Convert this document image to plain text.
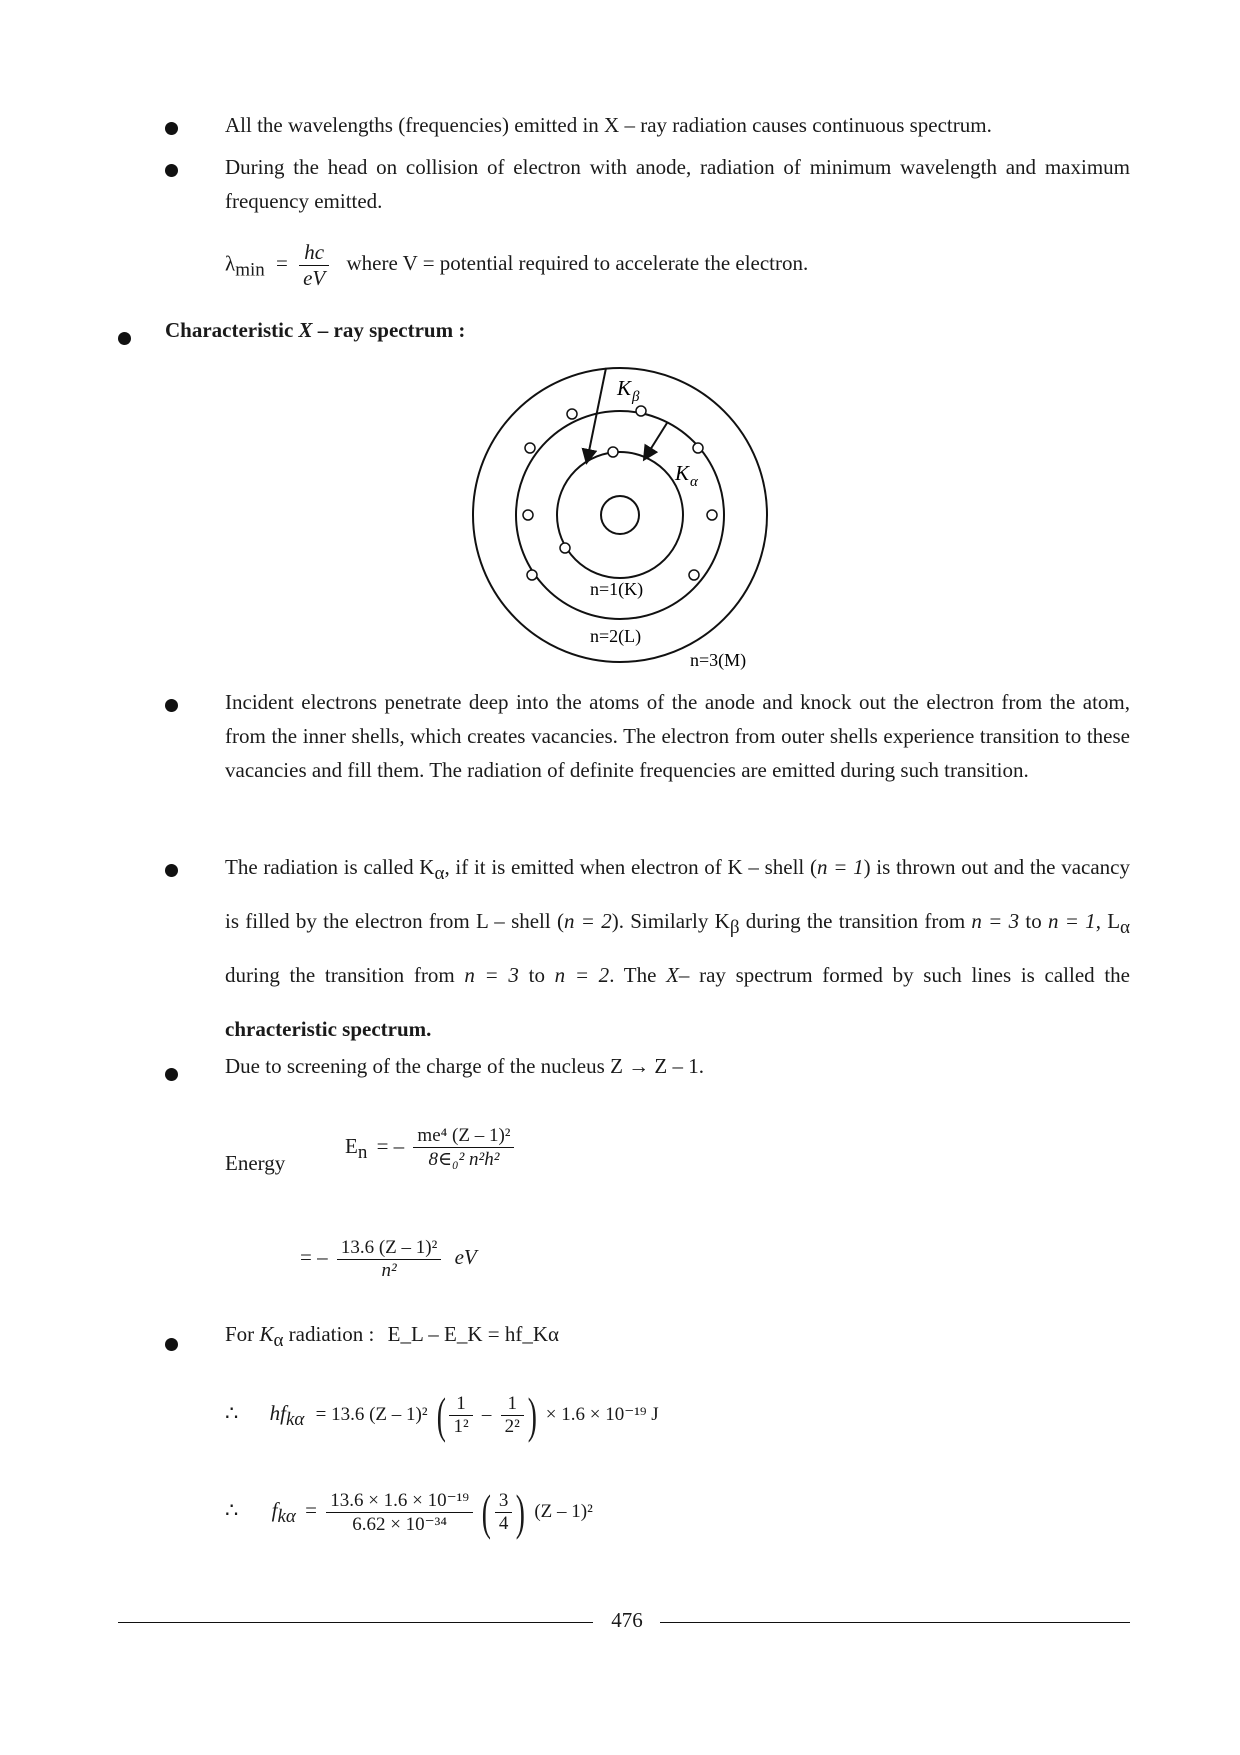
All the wavelengths (frequencies) emitted in X – ray radiation causes continuous spectrum.
During the head on collision of electron with anode, radiation of minimum wavelength and maximum frequency emitted.
$\lambda_{min} = \frac{hc}{eV}$ where V = potential required to accelerate the electron.
Characteristic X – ray spectrum :
$K_\beta$
$K_\alpha$
n=1(K)
n=2(L)
n=3(M)
Incident electrons penetrate deep into the atoms of the anode and knock out the electron from the atom, from the inner shells, which creates vacancies. The electron from outer shells experience transition to these vacancies and fill them. The radiation of definite frequencies are emitted during such transition.
The radiation is called $K_\alpha$, if it is emitted when electron of K – shell (n = 1) is thrown out and the vacancy is filled by the electron from L – shell (n = 2). Similarly $K_\beta$ during the transition from n = 3 to n = 1, $L_\alpha$ during the transition from n = 3 to n = 2. The X– ray spectrum formed by such lines is called the chracteristic spectrum.
Due to screening of the charge of the nucleus Z → Z – 1.
Energy
$E_n$ = – $\frac{\text{me⁴ (Z – 1)²}}{\text{8∈₀² n²h²}}$
= – $\frac{\text{13.6 (Z – 1)²}}{\text{n²}}$ eV
For $K_\alpha$ radiation : E_L – E_K = hf_Kα
∴ $hf_{k\alpha} = 13.6$ (Z – 1)² ( $\frac{1}{\text{1²}} - \frac{1}{\text{2²}}$ ) × 1.6 × 10⁻¹⁹ J
∴ $f_{k\alpha} = \frac{\text{13.6 × 1.6 × 10⁻¹⁹}}{\text{6.62 × 10⁻³⁴}}$ ( $\frac{3}{4}$ ) (Z – 1)²
476
